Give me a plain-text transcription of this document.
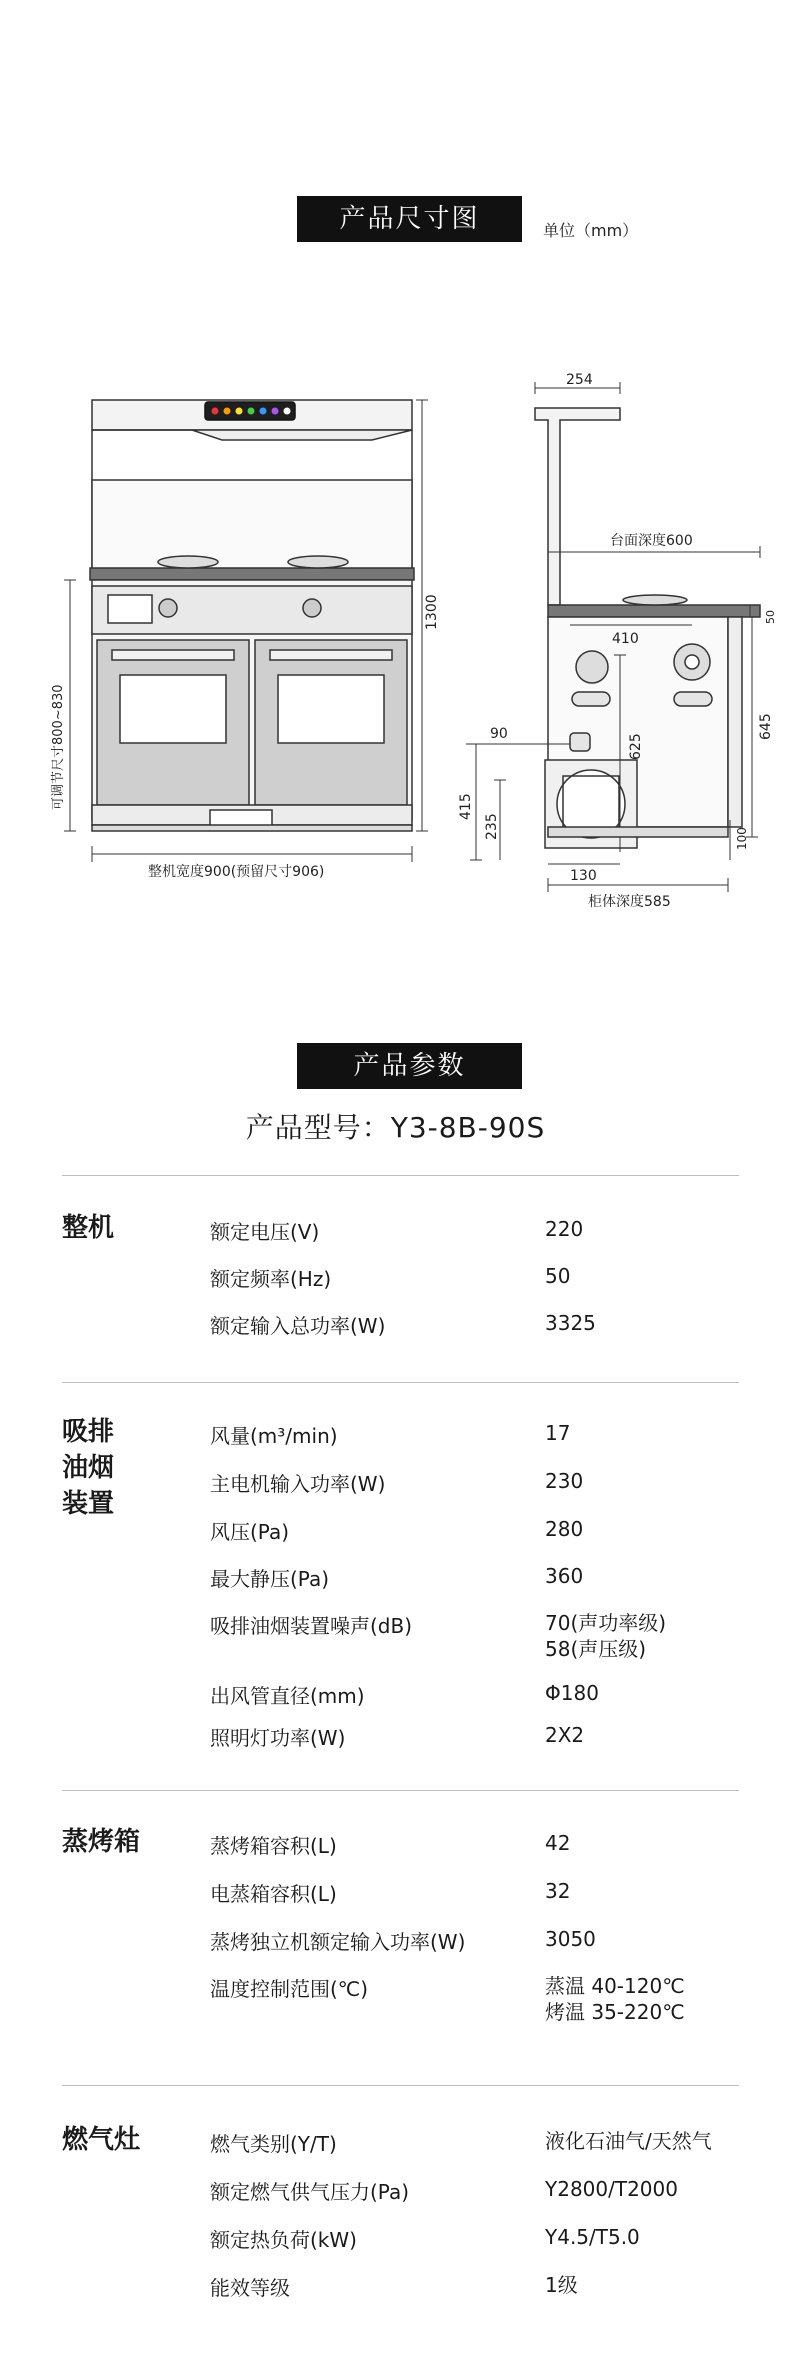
产品尺寸图	单位（mm）
1300
可调节尺寸800~830
整机宽度900(预留尺寸906)
254
50
台面深度600
410
90	625
645
415
235	100
130
柜体深度585
产品参数
产品型号：Y3-8B-90S
整机	额定电压(V)	220
额定频率(Hz)	50
额定输入总功率(W)	3325
吸排
油烟
装置
风量(m³/min)	17
主电机输入功率(W)	230
风压(Pa)	280
最大静压(Pa)	360
吸排油烟装置噪声(dB)	70(声功率级)
58(声压级)
出风管直径(mm)	Φ180
照明灯功率(W)	2X2
蒸烤箱	蒸烤箱容积(L)	42
电蒸箱容积(L)	32
蒸烤独立机额定输入功率(W)	3050
温度控制范围(℃)	蒸温 40-120℃
烤温 35-220℃
燃气灶	燃气类别(Y/T)	液化石油气/天然气
额定燃气供气压力(Pa)	Y2800/T2000
额定热负荷(kW)	Y4.5/T5.0
能效等级	1级
